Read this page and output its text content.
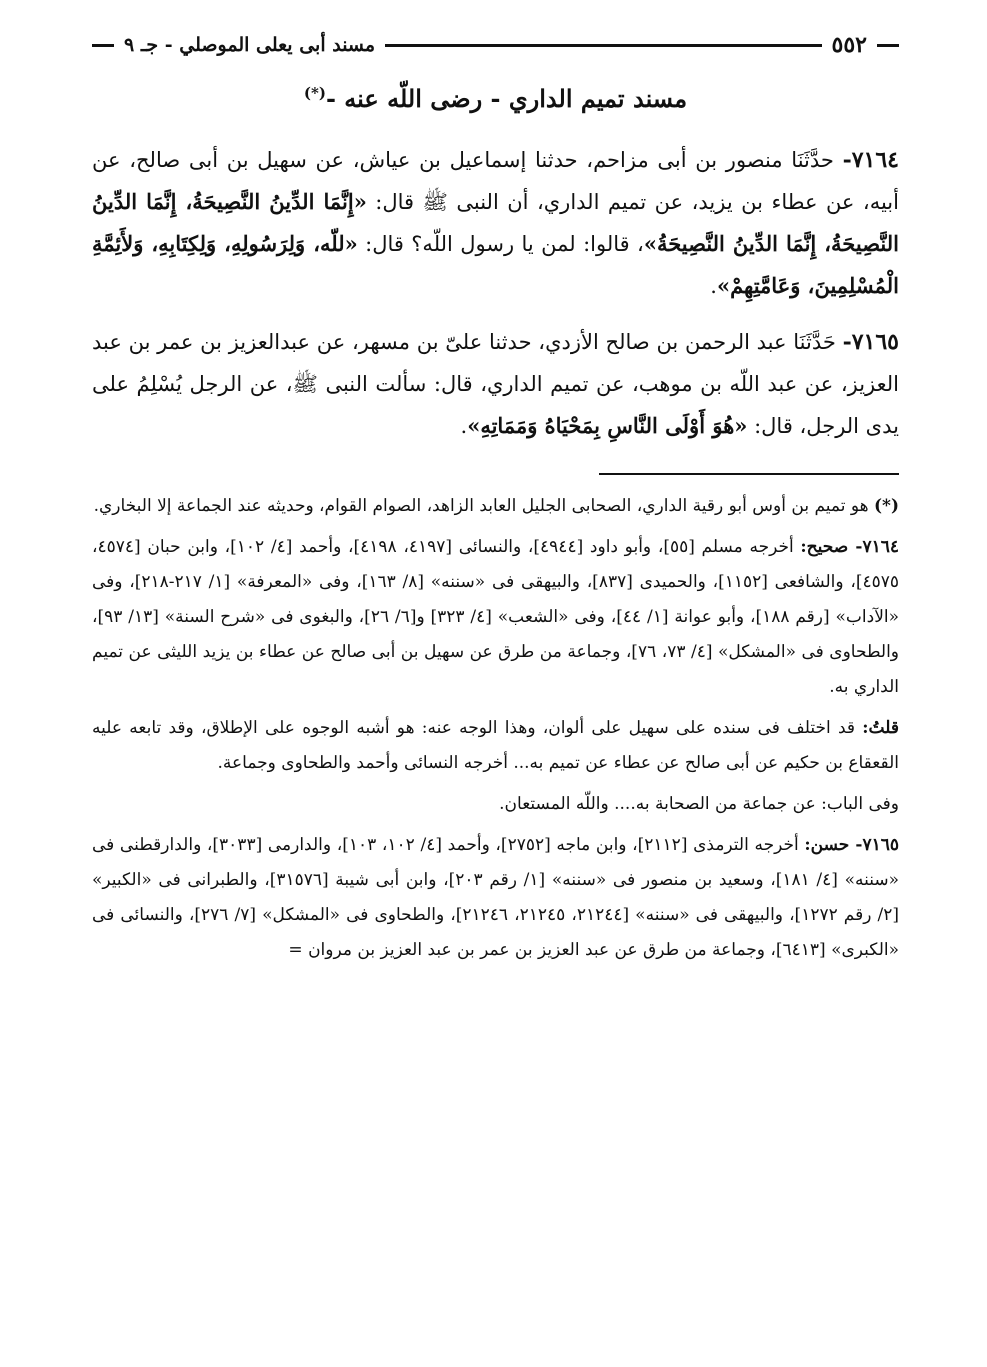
٥٥٢
مسند أبى يعلى الموصلي - جـ ٩
مسند تميم الداري - رضى اللّه عنه -(*)

٧١٦٤- حدَّثَنَا منصور بن أبى مزاحم، حدثنا إسماعيل بن عياش، عن سهيل بن أبى صالح، عن أبيه، عن عطاء بن يزيد، عن تميم الداري، أن النبى ﷺ قال: «إِنَّمَا الدِّينُ النَّصِيحَةُ، إِنَّمَا الدِّينُ النَّصِيحَةُ، إِنَّمَا الدِّينُ النَّصِيحَةُ»، قالوا: لمن يا رسول اللّه؟ قال: «للّه، وَلِرَسُولِهِ، وَلِكِتَابِهِ، وَلأَئِمَّةِ الْمُسْلِمِينَ، وَعَامَّتِهِمْ».

٧١٦٥- حَدَّثَنَا عبد الرحمن بن صالح الأزدي، حدثنا علىّ بن مسهر، عن عبدالعزيز بن عمر بن عبد العزيز، عن عبد اللّه بن موهب، عن تميم الداري، قال: سألت النبى ﷺ، عن الرجل يُسْلِمُ على يدى الرجل، قال: «هُوَ أَوْلَى النَّاسِ بِمَحْيَاهُ وَمَمَاتِهِ».

(*) هو تميم بن أوس أبو رقية الداري، الصحابى الجليل العابد الزاهد، الصوام القوام، وحديثه عند الجماعة إلا البخاري.

٧١٦٤- صحيح: أخرجه مسلم [٥٥]، وأبو داود [٤٩٤٤]، والنسائى [٤١٩٧، ٤١٩٨]، وأحمد [٤/ ١٠٢]، وابن حبان [٤٥٧٤، ٤٥٧٥]، والشافعى [١١٥٢]، والحميدى [٨٣٧]، والبيهقى فى «سننه» [٨/ ١٦٣]، وفى «المعرفة» [١/ ٢١٧-٢١٨]، وفى «الآداب» [رقم ١٨٨]، وأبو عوانة [١/ ٤٤]، وفى «الشعب» [٤/ ٣٢٣] و[٦/ ٢٦]، والبغوى فى «شرح السنة» [١٣/ ٩٣]، والطحاوى فى «المشكل» [٤/ ٧٣، ٧٦]، وجماعة من طرق عن سهيل بن أبى صالح عن عطاء بن يزيد الليثى عن تميم الداري به.

قلتُ: قد اختلف فى سنده على سهيل على ألوان، وهذا الوجه عنه: هو أشبه الوجوه على الإطلاق، وقد تابعه عليه القعقاع بن حكيم عن أبى صالح عن عطاء عن تميم به... أخرجه النسائى وأحمد والطحاوى وجماعة.

وفى الباب: عن جماعة من الصحابة به.... واللّه المستعان.

٧١٦٥- حسن: أخرجه الترمذى [٢١١٢]، وابن ماجه [٢٧٥٢]، وأحمد [٤/ ١٠٢، ١٠٣]، والدارمى [٣٠٣٣]، والدارقطنى فى «سننه» [٤/ ١٨١]، وسعيد بن منصور فى «سننه» [١/ رقم ٢٠٣]، وابن أبى شيبة [٣١٥٧٦]، والطبرانى فى «الكبير» [٢/ رقم ١٢٧٢]، والبيهقى فى «سننه» [٢١٢٤٤، ٢١٢٤٥، ٢١٢٤٦]، والطحاوى فى «المشكل» [٧/ ٢٧٦]، والنسائى فى «الكبرى» [٦٤١٣]، وجماعة من طرق عن عبد العزيز بن عمر بن عبد العزيز بن مروان =
